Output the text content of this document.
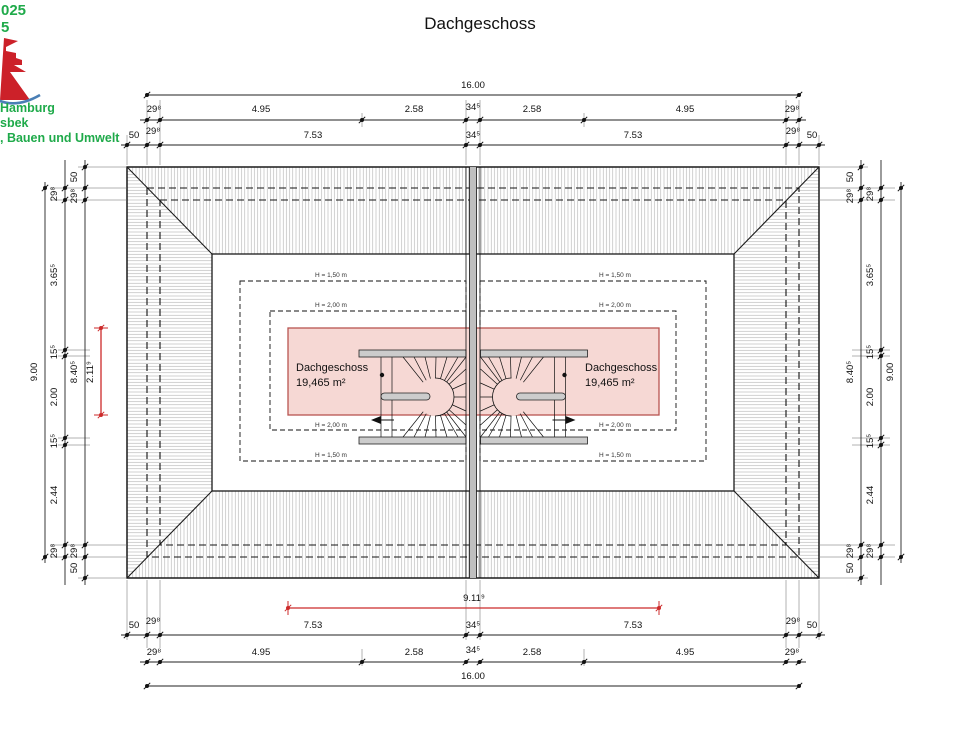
025
5
Hamburg
sbek
, Bauen und Umwelt
Dachgeschoss
H = 1,50 m
H = 2,00 m
H = 2,00 m
H = 1,50 m
H = 1,50 m
H = 2,00 m
H = 2,00 m
H = 1,50 m
Dachgeschoss
19,465 m²
Dachgeschoss
19,465 m²
16.00
29⁸	4.95	2.58	34⁵	2.58	4.95	29⁸
50 29⁸	7.53	34⁵	7.53	29⁸ 50
50 29⁸	7.53	34⁵	7.53	29⁸ 50
29⁸	4.95	2.58	34⁵	2.58	4.95	29⁸
16.00
9.11⁹
9.00
29⁸
3.65⁵
15⁵
2.00
15⁵
2.44
29⁸
50
29⁸
8.40⁵
29⁸
50
2.11⁹
50
29⁸
8.40⁵
29⁸
50
29⁸
3.65⁵
15⁵
2.00
15⁵
2.44
29⁸
9.00
